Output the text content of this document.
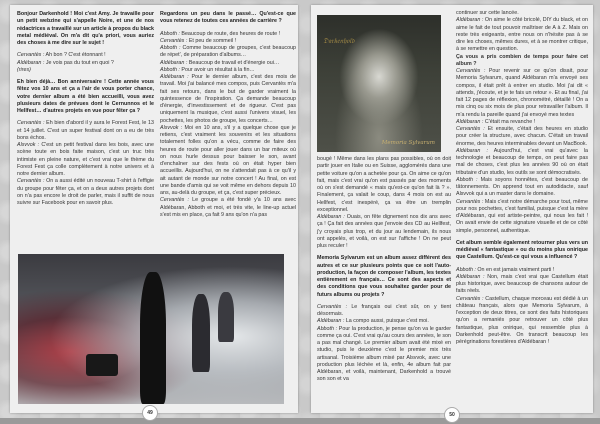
Bonjour Darkenhold ! Moi c'est Amy. Je travaille pour un petit webzine qui s'appelle Noire, et une de nos rédactrices a travaillé sur un article à propos du black metal médiéval. On m'a dit qu'a priori, vous auriez des choses à me dire sur le sujet !

Cervantès : Ah bon ? C'est étonnant !

Aldébaran : Je vois pas du tout en quoi ?

(rires)

Eh bien déjà… Bon anniversaire ! Cette année vous fêtez vos 10 ans et ça a l'air de vous porter chance, votre dernier album a été bien accueilli, vous avez plusieurs dates de prévues dont le Cernunnos et le Hellfest… d'autres projets en vue pour fêter ça ?

Cervantès : Eh bien d'abord il y aura le Forest Fest, le 13 et 14 juillet. C'est un super festival dont on a eu de très bons échos.

Alsvvok : C'est un petit festival dans les bois, avec une scène toute en bois faite maison, c'est un truc très intimiste en pleine nature, et c'est vrai que le thème du Forest Fest ça colle complètement à notre univers et à notre dernier album.

Cervantès : On a aussi édité un nouveau T-shirt à l'effigie du groupe pour fêter ça, et on a deux autres projets dont on n'a pas encore le droit de parler, mais il suffit de nous suivre sur Facebook pour en savoir plus.

Regardons un peu dans le passé… Qu'est-ce que vous retenez de toutes ces années de carrière ?

Abboth : Beaucoup de route, des heures de route !

Cervantès : Et peu de sommeil !

Abboth : Comme beaucoup de groupes, c'est beaucoup de répet', de préparation d'albums…

Aldébaran : Beaucoup de travail et d'énergie oui…

Abboth : Pour avoir un résultat à la fin…

Aldébaran : Pour le dernier album, c'est des mois de travail. Moi j'ai balancé mes compos, puis Cervantès m'a fait ses retours, dans le but de garder vraiment la quintessence de l'inspiration. Ça demande beaucoup d'énergie, d'investissement et de rigueur. C'est pas uniquement la musique, c'est aussi l'univers visuel, les pochettes, les photos de groupe, les concerts…

Alsvvok : Moi en 10 ans, s'il y a quelque chose que je retiens, c'est vraiment les souvenirs et les situations totalement folles qu'on a vécu, comme de faire des heures de route pour aller jouer dans un bar miteux où on nous hurle dessus pour baisser le son, avant d'enchaîner sur des fests où on était hyper bien accueillis. Aujourd'hui, on ne s'attendait pas à ce qu'il y ait autant de monde sur notre concert ! Au final, on est une bande d'amis qui se voit même en dehors depuis 10 ans, au-delà du groupe, et ça, c'est super précieux.

Cervantès : Le groupe a été fondé y'a 10 ans avec Aldébaran, Abboth et moi, et très vite, le line-up actuel s'est mis en place, ça fait 9 ans qu'on n'a pas

49
𝔇𝔞𝔯𝔨𝔢𝔫𝔥𝔬𝔩𝔡
Memoria Sylvarum

bougé ! Même dans les plans pas possibles, où on doit partir jouer en Italie ou en Suisse, agglomérés dans une petite voiture qu'on a achetée pour ça. On aime ce qu'on fait, mais c'est vrai qu'on est passés par des moments où on s'est demandé « mais qu'est-ce qu'on fait là ? ». Finalement, ça valait le coup, dans 4 mois on est au Hellfest, c'est inespéré, ça va être un tremplin exceptionnel.

Aldébaran : Ouais, on fête dignement nos dix ans avec ça ! Ça fait des années que j'envoie des CD au Hellfest, j'y croyais plus trop, et du jour au lendemain, ils nous ont appelés, et voilà, on est sur l'affiche ! On ne peut plus reculer !

Memoria Sylvarum est un album assez différent des autres et ce sur plusieurs points que ce soit l'auto-production, la façon de composer l'album, les textes entièrement en français… Ce sont des aspects et des conditions que vous souhaitez garder pour de futurs albums ou projets ?

Cervantès : Le français oui c'est sûr, on y tient désormais.

Aldébaran : La compo aussi, puisque c'est moi.

Abboth : Pour la production, je pense qu'on va le garder comme ça oui. C'est vrai qu'au cours des années, le son a pas mal changé. Le premier album avait été mixé en studio, puis le deuxième c'est le premier mix très artisanal. Troisième album mixé par Alsvvok, avec une production plus léchée et là, enfin, 4e album fait par Aldébaran, et voilà, maintenant, Darkenhold a trouvé son son et va

continuer sur cette lancée.

Aldébaran : On aime le côté bricolé, DIY du black, et on aime le fait de tout pouvoir maîtriser de A à Z. Mais on reste très exigeants, entre nous on n'hésite pas à se dire les choses, mêmes dures, et à se montrer critique, à se remettre en question.

Ça vous a pris combien de temps pour faire cet album ?

Cervantès : Pour revenir sur ce qu'on disait, pour Memoria Sylvarum, quand Aldébaran m'a envoyé ses compos, il était prêt à entrer en studio. Moi j'ai dit « attends, j'écoute, et je te fais un retour ». Et au final, j'ai fait 12 pages de réflexion, chronométré, détaillé ! On a mis cinq ou six mois de plus pour retravailler l'album. Il m'a rendu la pareille quand j'ai envoyé mes textes

Aldébaran : C'était ma revanche !

Cervantès : Et ensuite, c'était des heures en studio pour créer la structure, avec chacun. C'était un travail énorme, des heures interminables devant un MacBook.

Aldébaran : Aujourd'hui, c'est vrai qu'avec la technologie et beaucoup de temps, on peut faire pas mal de choses, c'est plus les années 90 où on était tributaire d'un studio, les outils se sont démocratisés.

Abboth : Mais soyons honnêtes, c'est beaucoup de tâtonnements. On apprend tout en autodidacte, sauf Alsvvok qui a un master dans le domaine.

Cervantès : Mais c'est notre démarche pour tout, même pour nos pochettes, c'est familial, puisque c'est la mère d'Aldébaran, qui est artiste-peintre, qui nous les fait ! On avait envie de cette signature visuelle et de ce côté simple, personnel, authentique.

Cet album semble également retourner plus vers un médiéval « fantastique » ou du moins plus onirique que Castellum. Qu'est-ce qui vous a influencé ?

Abboth : On en est jamais vraiment parti !

Aldébaran : Non, mais c'est vrai que Castellum était plus historique, avec beaucoup de chansons autour de faits réels.

Cervantès : Castellum, chaque morceau est dédié à un château français, alors que Memoria Sylvarum, à l'exception de deux titres, ce sont des faits historiques qu'on a remaniés pour retrouver un côté plus fantastique, plus onirique, qui ressemble plus à Darkenhold peut-être. On transcrit beaucoup les pérégrinations forestières d'Aldébaran !

50
